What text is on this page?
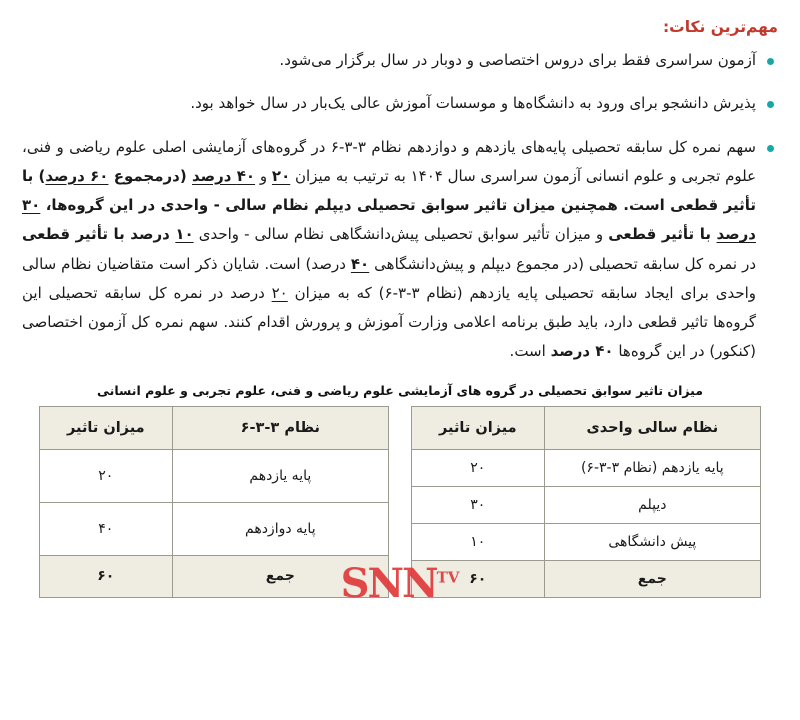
مهم‌ترین نکات:
آزمون سراسری فقط برای دروس اختصاصی و دوبار در سال برگزار می‌شود.
پذیرش دانشجو برای ورود به دانشگاه‌ها و موسسات آموزش عالی یک‌بار در سال خواهد بود.
سهم نمره کل سابقه تحصیلی پایه‌های یازدهم و دوازدهم نظام ۳-۳-۶ در گروه‌های آزمایشی اصلی علوم ریاضی و فنی، علوم تجربی و علوم انسانی آزمون سراسری سال ۱۴۰۴ به ترتیب به میزان ۲۰ و ۴۰ درصد (درمجموع ۶۰ درصد) با تأثیر قطعی است. همچنین میزان تاثیر سوابق تحصیلی دیپلم نظام سالی - واحدی در این گروه‌ها، ۳۰ درصد با تأثیر قطعی و میزان تأثیر سوابق تحصیلی پیش‌دانشگاهی نظام سالی - واحدی ۱۰ درصد با تأثیر قطعی در نمره کل سابقه تحصیلی (در مجموع دیپلم و پیش‌دانشگاهی ۴۰ درصد) است. شایان ذکر است متقاضیان نظام سالی واحدی برای ایجاد سابقه تحصیلی پایه یازدهم (نظام ۳-۳-۶) که به میزان ۲۰ درصد در نمره کل سابقه تحصیلی این گروه‌ها تاثیر قطعی دارد، باید طبق برنامه اعلامی وزارت آموزش و پرورش اقدام کنند. سهم نمره کل آزمون اختصاصی (کنکور) در این گروه‌ها ۴۰ درصد است.
میزان تاثیر سوابق تحصیلی در گروه های آزمایشی علوم ریاضی و فنی، علوم تجربی و علوم انسانی
نظام سالی واحدی	میزان تاثیر
پایه یازدهم (نظام ۳-۳-۶)	۲۰
دیپلم	۳۰
پیش دانشگاهی	۱۰
جمع	۶۰
نظام ۳-۳-۶	میزان تاثیر
پایه یازدهم	۲۰
پایه دوازدهم	۴۰
جمع	۶۰	$SNN^{TV}$
